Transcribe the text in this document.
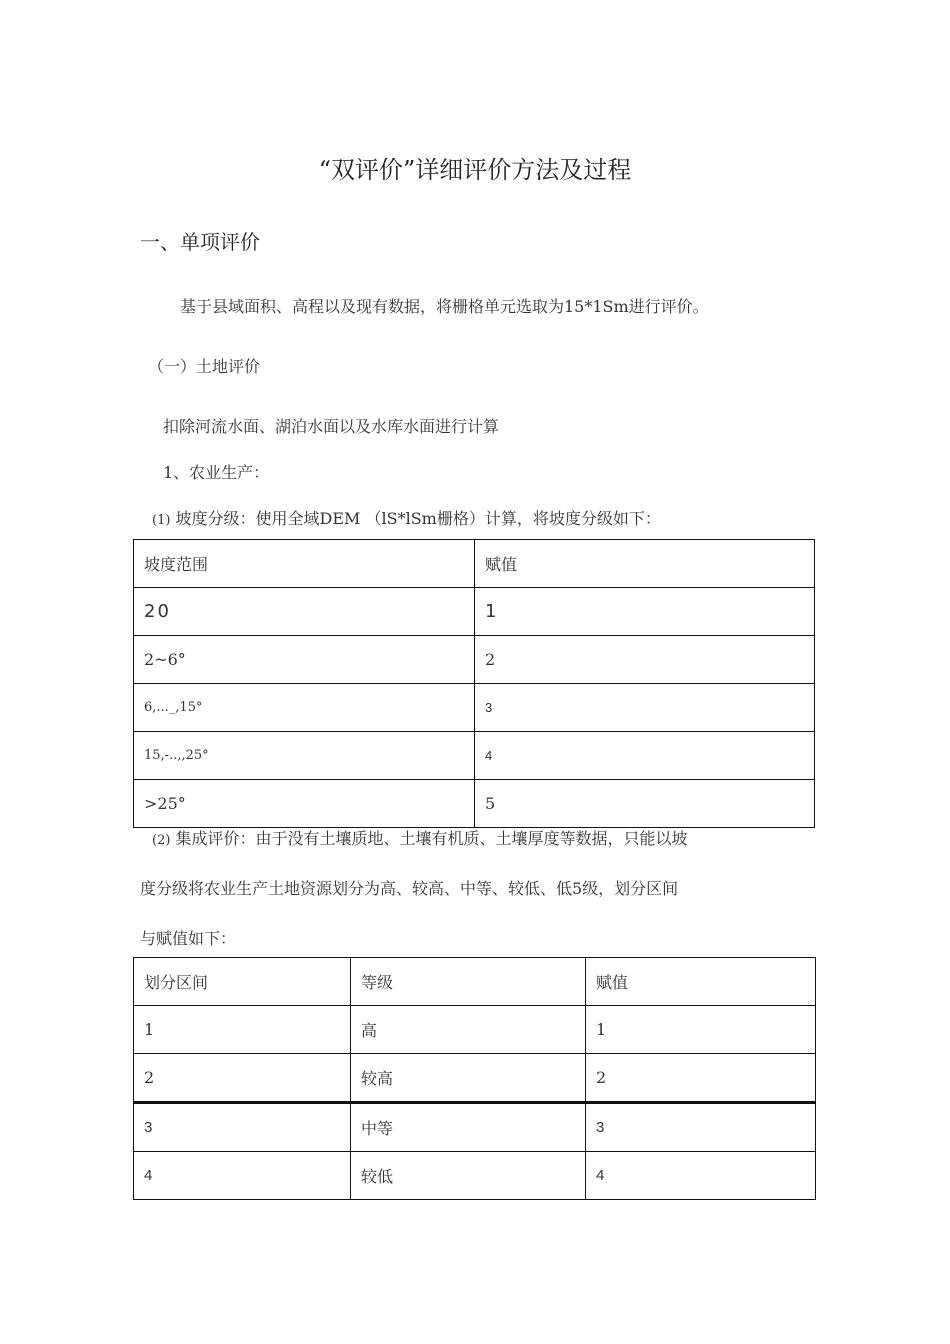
“双评价”详细评价方法及过程
一、单项评价
基于县域面积、高程以及现有数据，将栅格单元选取为15*1Sm进行评价。
（一）土地评价
扣除河流水面、湖泊水面以及水库水面进行计算
1、农业生产：
(1) 坡度分级：使用全域DEM （lS*lSm栅格）计算，将坡度分级如下：
坡度范围	赋值
20	1
2~6°	2
6,..._,15°	3
15,-..,,25°	4
>25°	5
(2) 集成评价：由于没有土壤质地、土壤有机质、土壤厚度等数据，只能以坡
度分级将农业生产土地资源划分为高、较高、中等、较低、低5级，划分区间
与赋值如下：
划分区间	等级	赋值
1	高	1
2	较高	2
3	中等	3
4	较低	4
